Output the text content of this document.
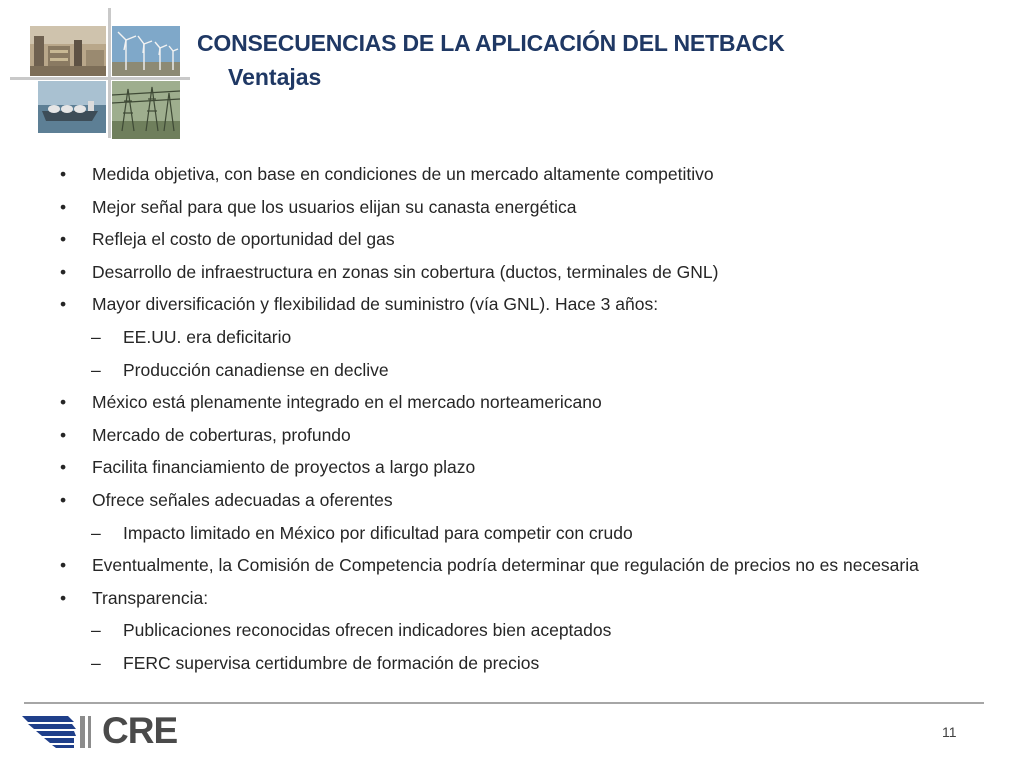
CONSECUENCIAS DE LA APLICACIÓN DEL NETBACK
Ventajas
• Medida objetiva, con base en condiciones de un mercado altamente competitivo
• Mejor señal para que los usuarios elijan su canasta energética
• Refleja el costo de oportunidad del gas
• Desarrollo de infraestructura en zonas sin cobertura (ductos, terminales de GNL)
• Mayor diversificación y flexibilidad de suministro (vía GNL). Hace 3 años:
– EE.UU. era deficitario
– Producción canadiense en declive
• México está plenamente integrado en el mercado norteamericano
• Mercado de coberturas, profundo
• Facilita financiamiento de proyectos a largo plazo
• Ofrece señales adecuadas a oferentes
– Impacto limitado en México por dificultad para competir con crudo
• Eventualmente, la Comisión de Competencia podría determinar que regulación de precios no es necesaria
• Transparencia:
– Publicaciones reconocidas ofrecen indicadores bien aceptados
– FERC supervisa certidumbre de formación de precios
CRE	11
